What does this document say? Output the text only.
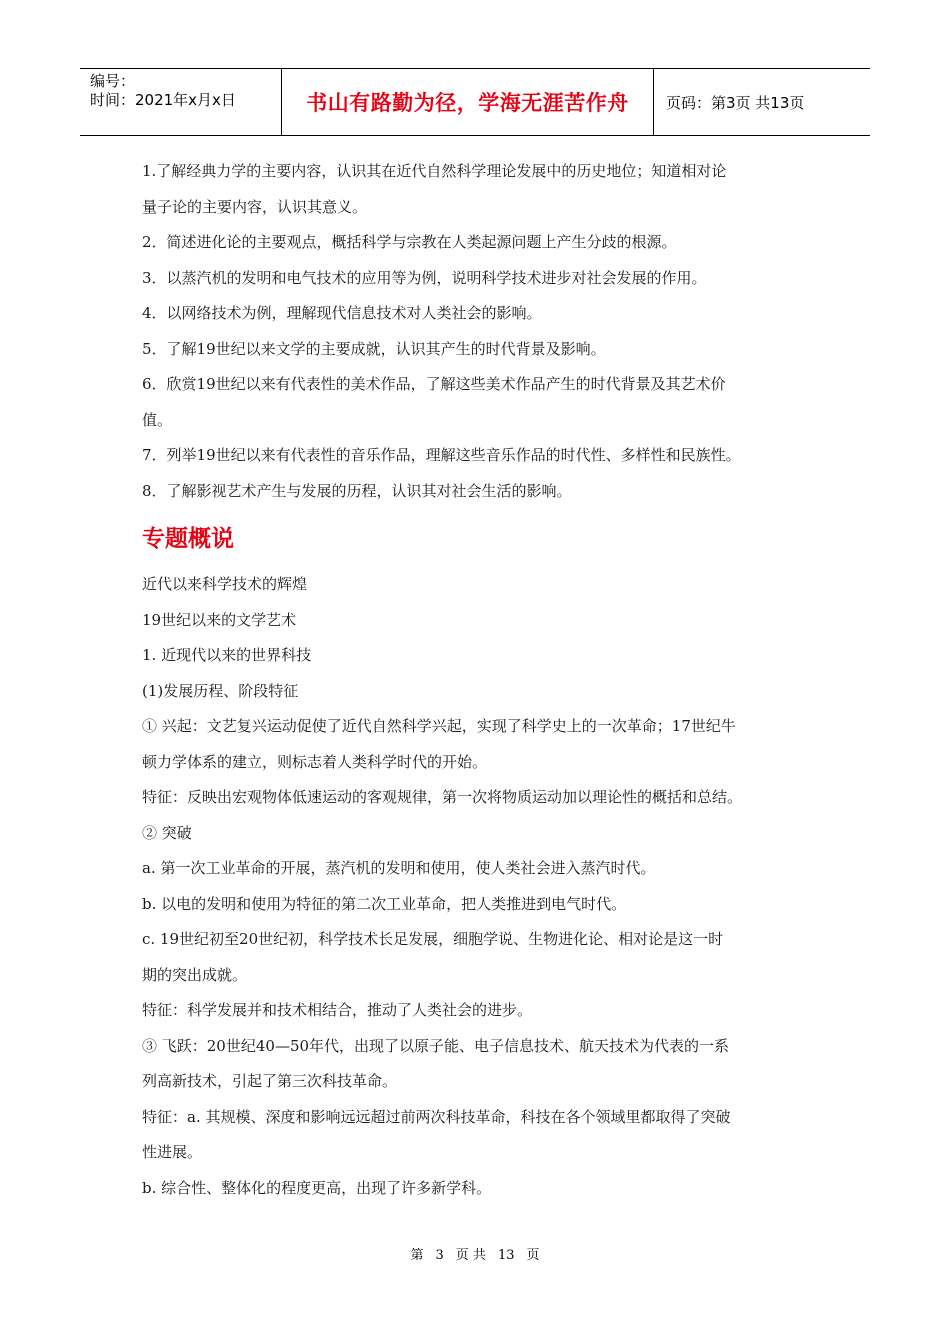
编号：
时间：2021年x月x日	书山有路勤为径，学海无涯苦作舟	页码：第3页 共13页

1.了解经典力学的主要内容，认识其在近代自然科学理论发展中的历史地位；知道相对论

量子论的主要内容，认识其意义。

2．简述进化论的主要观点，概括科学与宗教在人类起源问题上产生分歧的根源。

3．以蒸汽机的发明和电气技术的应用等为例，说明科学技术进步对社会发展的作用。

4．以网络技术为例，理解现代信息技术对人类社会的影响。

5．了解19世纪以来文学的主要成就，认识其产生的时代背景及影响。

6．欣赏19世纪以来有代表性的美术作品，了解这些美术作品产生的时代背景及其艺术价

值。

7．列举19世纪以来有代表性的音乐作品，理解这些音乐作品的时代性、多样性和民族性。

8．了解影视艺术产生与发展的历程，认识其对社会生活的影响。

专题概说

近代以来科学技术的辉煌

19世纪以来的文学艺术

1. 近现代以来的世界科技

(1)发展历程、阶段特征

① 兴起：文艺复兴运动促使了近代自然科学兴起，实现了科学史上的一次革命；17世纪牛

顿力学体系的建立，则标志着人类科学时代的开始。

特征：反映出宏观物体低速运动的客观规律，第一次将物质运动加以理论性的概括和总结。

② 突破

a. 第一次工业革命的开展，蒸汽机的发明和使用，使人类社会进入蒸汽时代。

b. 以电的发明和使用为特征的第二次工业革命，把人类推进到电气时代。

c. 19世纪初至20世纪初，科学技术长足发展，细胞学说、生物进化论、相对论是这一时

期的突出成就。

特征：科学发展并和技术相结合，推动了人类社会的进步。

③ 飞跃：20世纪40—50年代，出现了以原子能、电子信息技术、航天技术为代表的一系

列高新技术，引起了第三次科技革命。

特征：a. 其规模、深度和影响远远超过前两次科技革命，科技在各个领域里都取得了突破

性进展。

b. 综合性、整体化的程度更高，出现了许多新学科。

第 3 页 共 13 页
